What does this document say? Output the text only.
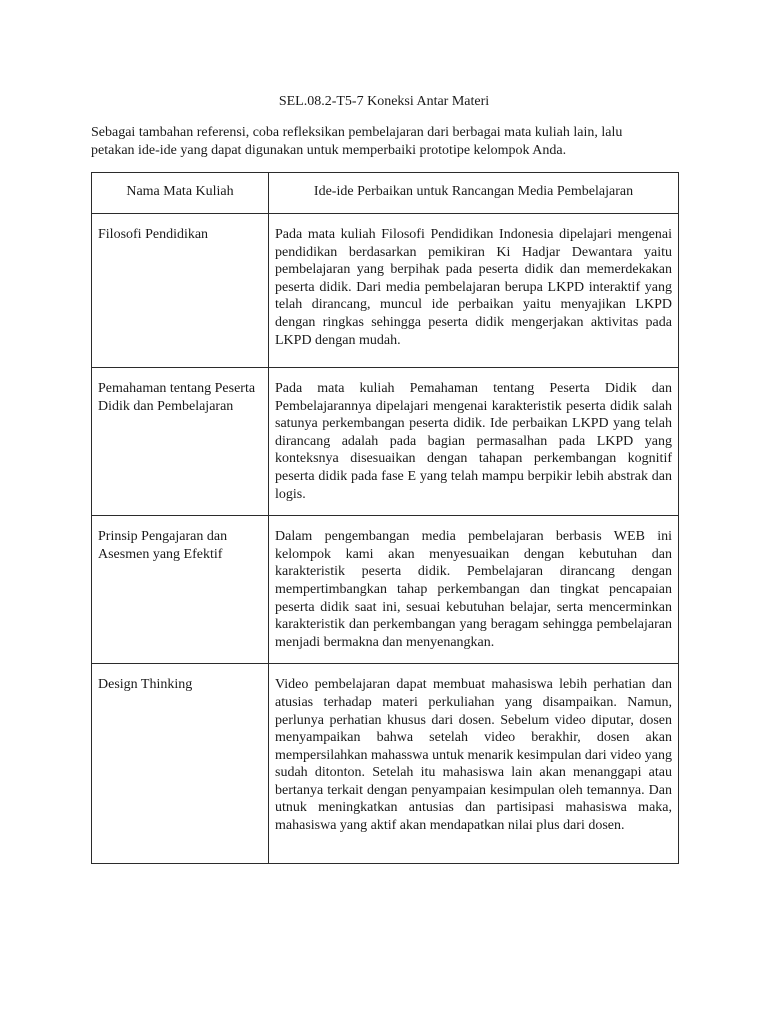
SEL.08.2-T5-7 Koneksi Antar Materi

Sebagai tambahan referensi, coba refleksikan pembelajaran dari berbagai mata kuliah lain, lalu

petakan ide-ide yang dapat digunakan untuk memperbaiki prototipe kelompok Anda.

Nama Mata Kuliah	Ide-ide Perbaikan untuk Rancangan Media Pembelajaran
Filosofi Pendidikan	Pada mata kuliah Filosofi Pendidikan Indonesia dipelajari mengenai pendidikan berdasarkan pemikiran Ki Hadjar Dewantara yaitu pembelajaran yang berpihak pada peserta didik dan memerdekakan peserta didik. Dari media pembelajaran berupa LKPD interaktif yang telah dirancang, muncul ide perbaikan yaitu menyajikan LKPD dengan ringkas sehingga peserta didik mengerjakan aktivitas pada LKPD dengan mudah.
Pemahaman tentang Peserta Didik dan Pembelajaran	Pada mata kuliah Pemahaman tentang Peserta Didik dan Pembelajarannya dipelajari mengenai karakteristik peserta didik salah satunya perkembangan peserta didik. Ide perbaikan LKPD yang telah dirancang adalah pada bagian permasalhan pada LKPD yang konteksnya disesuaikan dengan tahapan perkembangan kognitif peserta didik pada fase E yang telah mampu berpikir lebih abstrak dan logis.
Prinsip Pengajaran dan Asesmen yang Efektif	Dalam pengembangan media pembelajaran berbasis WEB ini kelompok kami akan menyesuaikan dengan kebutuhan dan karakteristik peserta didik. Pembelajaran dirancang dengan mempertimbangkan tahap perkembangan dan tingkat pencapaian peserta didik saat ini, sesuai kebutuhan belajar, serta mencerminkan karakteristik dan perkembangan yang beragam sehingga pembelajaran menjadi bermakna dan menyenangkan.
Design Thinking	Video pembelajaran dapat membuat mahasiswa lebih perhatian dan atusias terhadap materi perkuliahan yang disampaikan. Namun, perlunya perhatian khusus dari dosen. Sebelum video diputar, dosen menyampaikan bahwa setelah video berakhir, dosen akan mempersilahkan mahasswa untuk menarik kesimpulan dari video yang sudah ditonton. Setelah itu mahasiswa lain akan menanggapi atau bertanya terkait dengan penyampaian kesimpulan oleh temannya. Dan utnuk meningkatkan antusias dan partisipasi mahasiswa maka, mahasiswa yang aktif akan mendapatkan nilai plus dari dosen.
